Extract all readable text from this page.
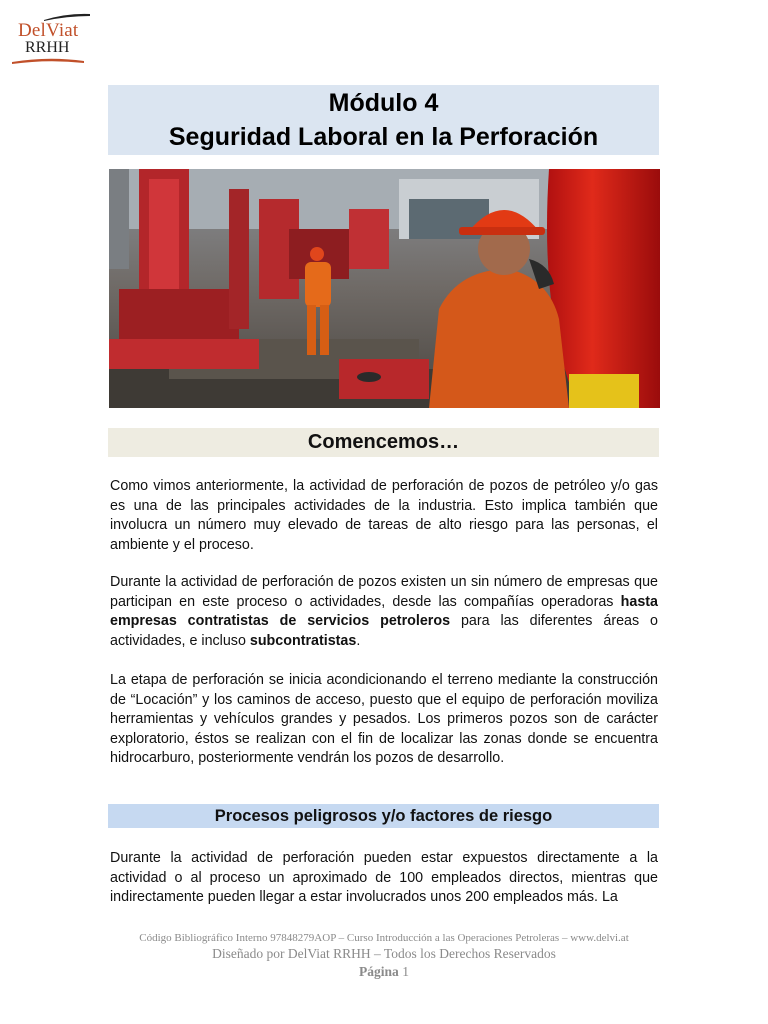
DelViat
RRHH
Módulo 4
Seguridad Laboral en la Perforación
Comencemos…

Como vimos anteriormente, la actividad de perforación de pozos de petróleo y/o gas es una de las principales actividades de la industria. Esto implica también que involucra un número muy elevado de tareas de alto riesgo para las personas, el ambiente y el proceso.

Durante la actividad de perforación de pozos existen un sin número de empresas que participan en este proceso o actividades, desde las compañías operadoras hasta empresas contratistas de servicios petroleros para las diferentes áreas o actividades, e incluso subcontratistas.

La etapa de perforación se inicia acondicionando el terreno mediante la construcción de “Locación” y los caminos de acceso, puesto que el equipo de perforación moviliza herramientas y vehículos grandes y pesados. Los primeros pozos son de carácter exploratorio, éstos se realizan con el fin de localizar las zonas donde se encuentra hidrocarburo, posteriormente vendrán los pozos de desarrollo.

Procesos peligrosos y/o factores de riesgo

Durante la actividad de perforación pueden estar expuestos directamente a la actividad o al proceso un aproximado de 100 empleados directos, mientras que indirectamente pueden llegar a estar involucrados unos 200 empleados más. La

Código Bibliográfico Interno 97848279AOP – Curso Introducción a las Operaciones Petroleras – www.delvi.at
Diseñado por DelViat RRHH – Todos los Derechos Reservados
Página 1
